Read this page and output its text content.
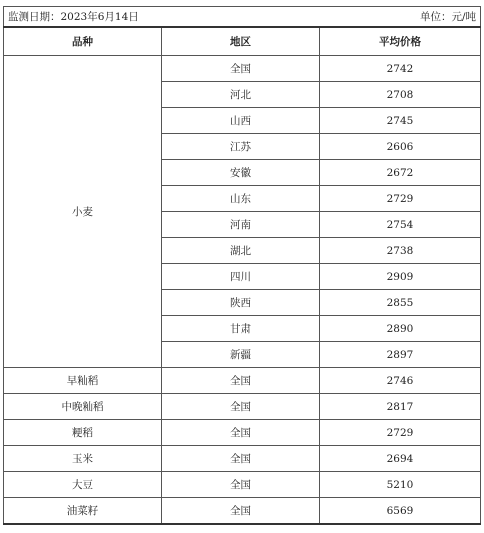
监测日期：2023年6月14日		单位：元/吨
品种	地区	平均价格
小麦	全国	2742
	河北	2708
	山西	2745
	江苏	2606
	安徽	2672
	山东	2729
	河南	2754
	湖北	2738
	四川	2909
	陕西	2855
	甘肃	2890
	新疆	2897
早籼稻	全国	2746
中晚籼稻	全国	2817
粳稻	全国	2729
玉米	全国	2694
大豆	全国	5210
油菜籽	全国	6569
